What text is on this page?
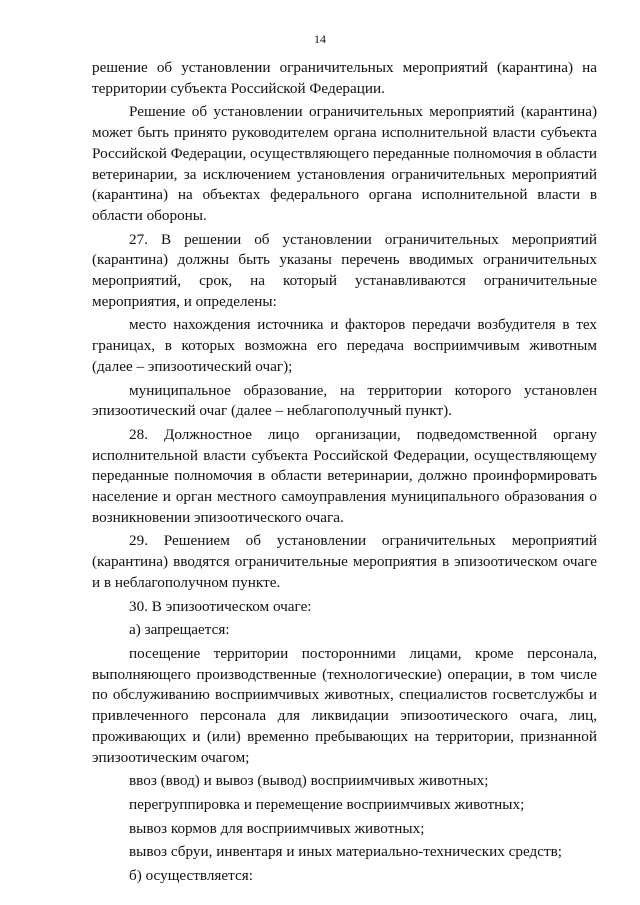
14

решение об установлении ограничительных мероприятий (карантина) на территории субъекта Российской Федерации.

Решение об установлении ограничительных мероприятий (карантина) может быть принято руководителем органа исполнительной власти субъекта Российской Федерации, осуществляющего переданные полномочия в области ветеринарии, за исключением установления ограничительных мероприятий (карантина) на объектах федерального органа исполнительной власти в области обороны.

27. В решении об установлении ограничительных мероприятий (карантина) должны быть указаны перечень вводимых ограничительных мероприятий, срок, на который устанавливаются ограничительные мероприятия, и определены:

место нахождения источника и факторов передачи возбудителя в тех границах, в которых возможна его передача восприимчивым животным (далее – эпизоотический очаг);

муниципальное образование, на территории которого установлен эпизоотический очаг (далее – неблагополучный пункт).

28. Должностное лицо организации, подведомственной органу исполнительной власти субъекта Российской Федерации, осуществляющему переданные полномочия в области ветеринарии, должно проинформировать население и орган местного самоуправления муниципального образования о возникновении эпизоотического очага.

29. Решением об установлении ограничительных мероприятий (карантина) вводятся ограничительные мероприятия в эпизоотическом очаге и в неблагополучном пункте.

30. В эпизоотическом очаге:

а) запрещается:

посещение территории посторонними лицами, кроме персонала, выполняющего производственные (технологические) операции, в том числе по обслуживанию восприимчивых животных, специалистов госветслужбы и привлеченного персонала для ликвидации эпизоотического очага, лиц, проживающих и (или) временно пребывающих на территории, признанной эпизоотическим очагом;

ввоз (ввод) и вывоз (вывод) восприимчивых животных;

перегруппировка и перемещение восприимчивых животных;

вывоз кормов для восприимчивых животных;

вывоз сбруи, инвентаря и иных материально-технических средств;

б) осуществляется:
